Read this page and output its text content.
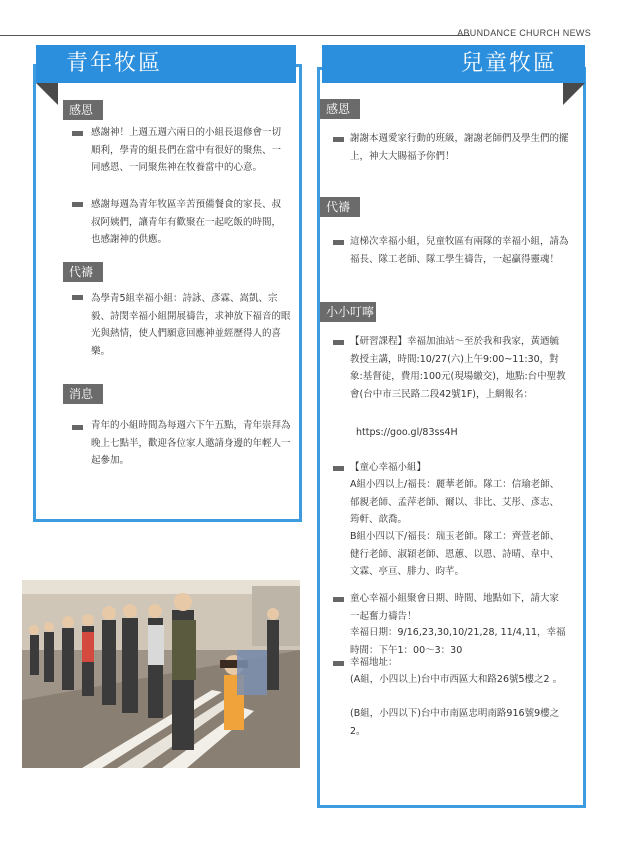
ABUNDANCE CHURCH NEWS
青年牧區
感恩
感謝神！上週五週六兩日的小組長退修會一切順利，學青的組長們在當中有很好的聚焦、一同感恩、一同聚焦神在牧養當中的心意。
感謝每週為青年牧區辛苦預備餐食的家長、叔叔阿姨們，讓青年有歡聚在一起吃飯的時間，也感謝神的供應。
代禱
為學青5組幸福小組：詩詠、彥霖、嵩凱、宗毅、詩閔幸福小組開展禱告，求神放下福音的眼光與熱情，使人們願意回應神並經歷得人的喜樂。
消息
青年的小組時間為每週六下午五點，青年崇拜為晚上七點半，歡迎各位家人邀請身邊的年輕人一起參加。
兒童牧區
感恩
謝謝本週愛家行動的班級，謝謝老師們及學生們的擺上，神大大賜福予你們！
代禱
這梯次幸福小組，兒童牧區有兩隊的幸福小組，請為福長、隊工老師、隊工學生禱告，一起贏得靈魂！
小小叮嚀
【研習課程】幸福加油站～至於我和我家，黃迺毓教授主講，時間:10/27(六)上午9:00~11:30，對象:基督徒，費用:100元(現場繳交)，地點:台中聖教會(台中市三民路二段42號1F)，上網報名：
https://goo.gl/83ss4H
【童心幸福小組】
A組小四以上/福長：麗華老師。隊工：信瑜老師、郁親老師、孟萍老師、爾以、非比、艾彤、彥志、筠軒、歆喬。
B組小四以下/福長：瑞玉老師。隊工：齊萱老師、健行老師、淑穎老師、恩蕙、以恩、詩晴、韋中、文霖、亭亘、腓力、昀芊。
童心幸福小組聚會日期、時間、地點如下，請大家一起奮力禱告！
幸福日期：9/16,23,30,10/21,28, 11/4,11，幸福時間：下午1：00～3：30
幸福地址：
(A組，小四以上)台中市西區大和路26號5樓之2 。
(B組，小四以下)台中市南區忠明南路916號9樓之2。
